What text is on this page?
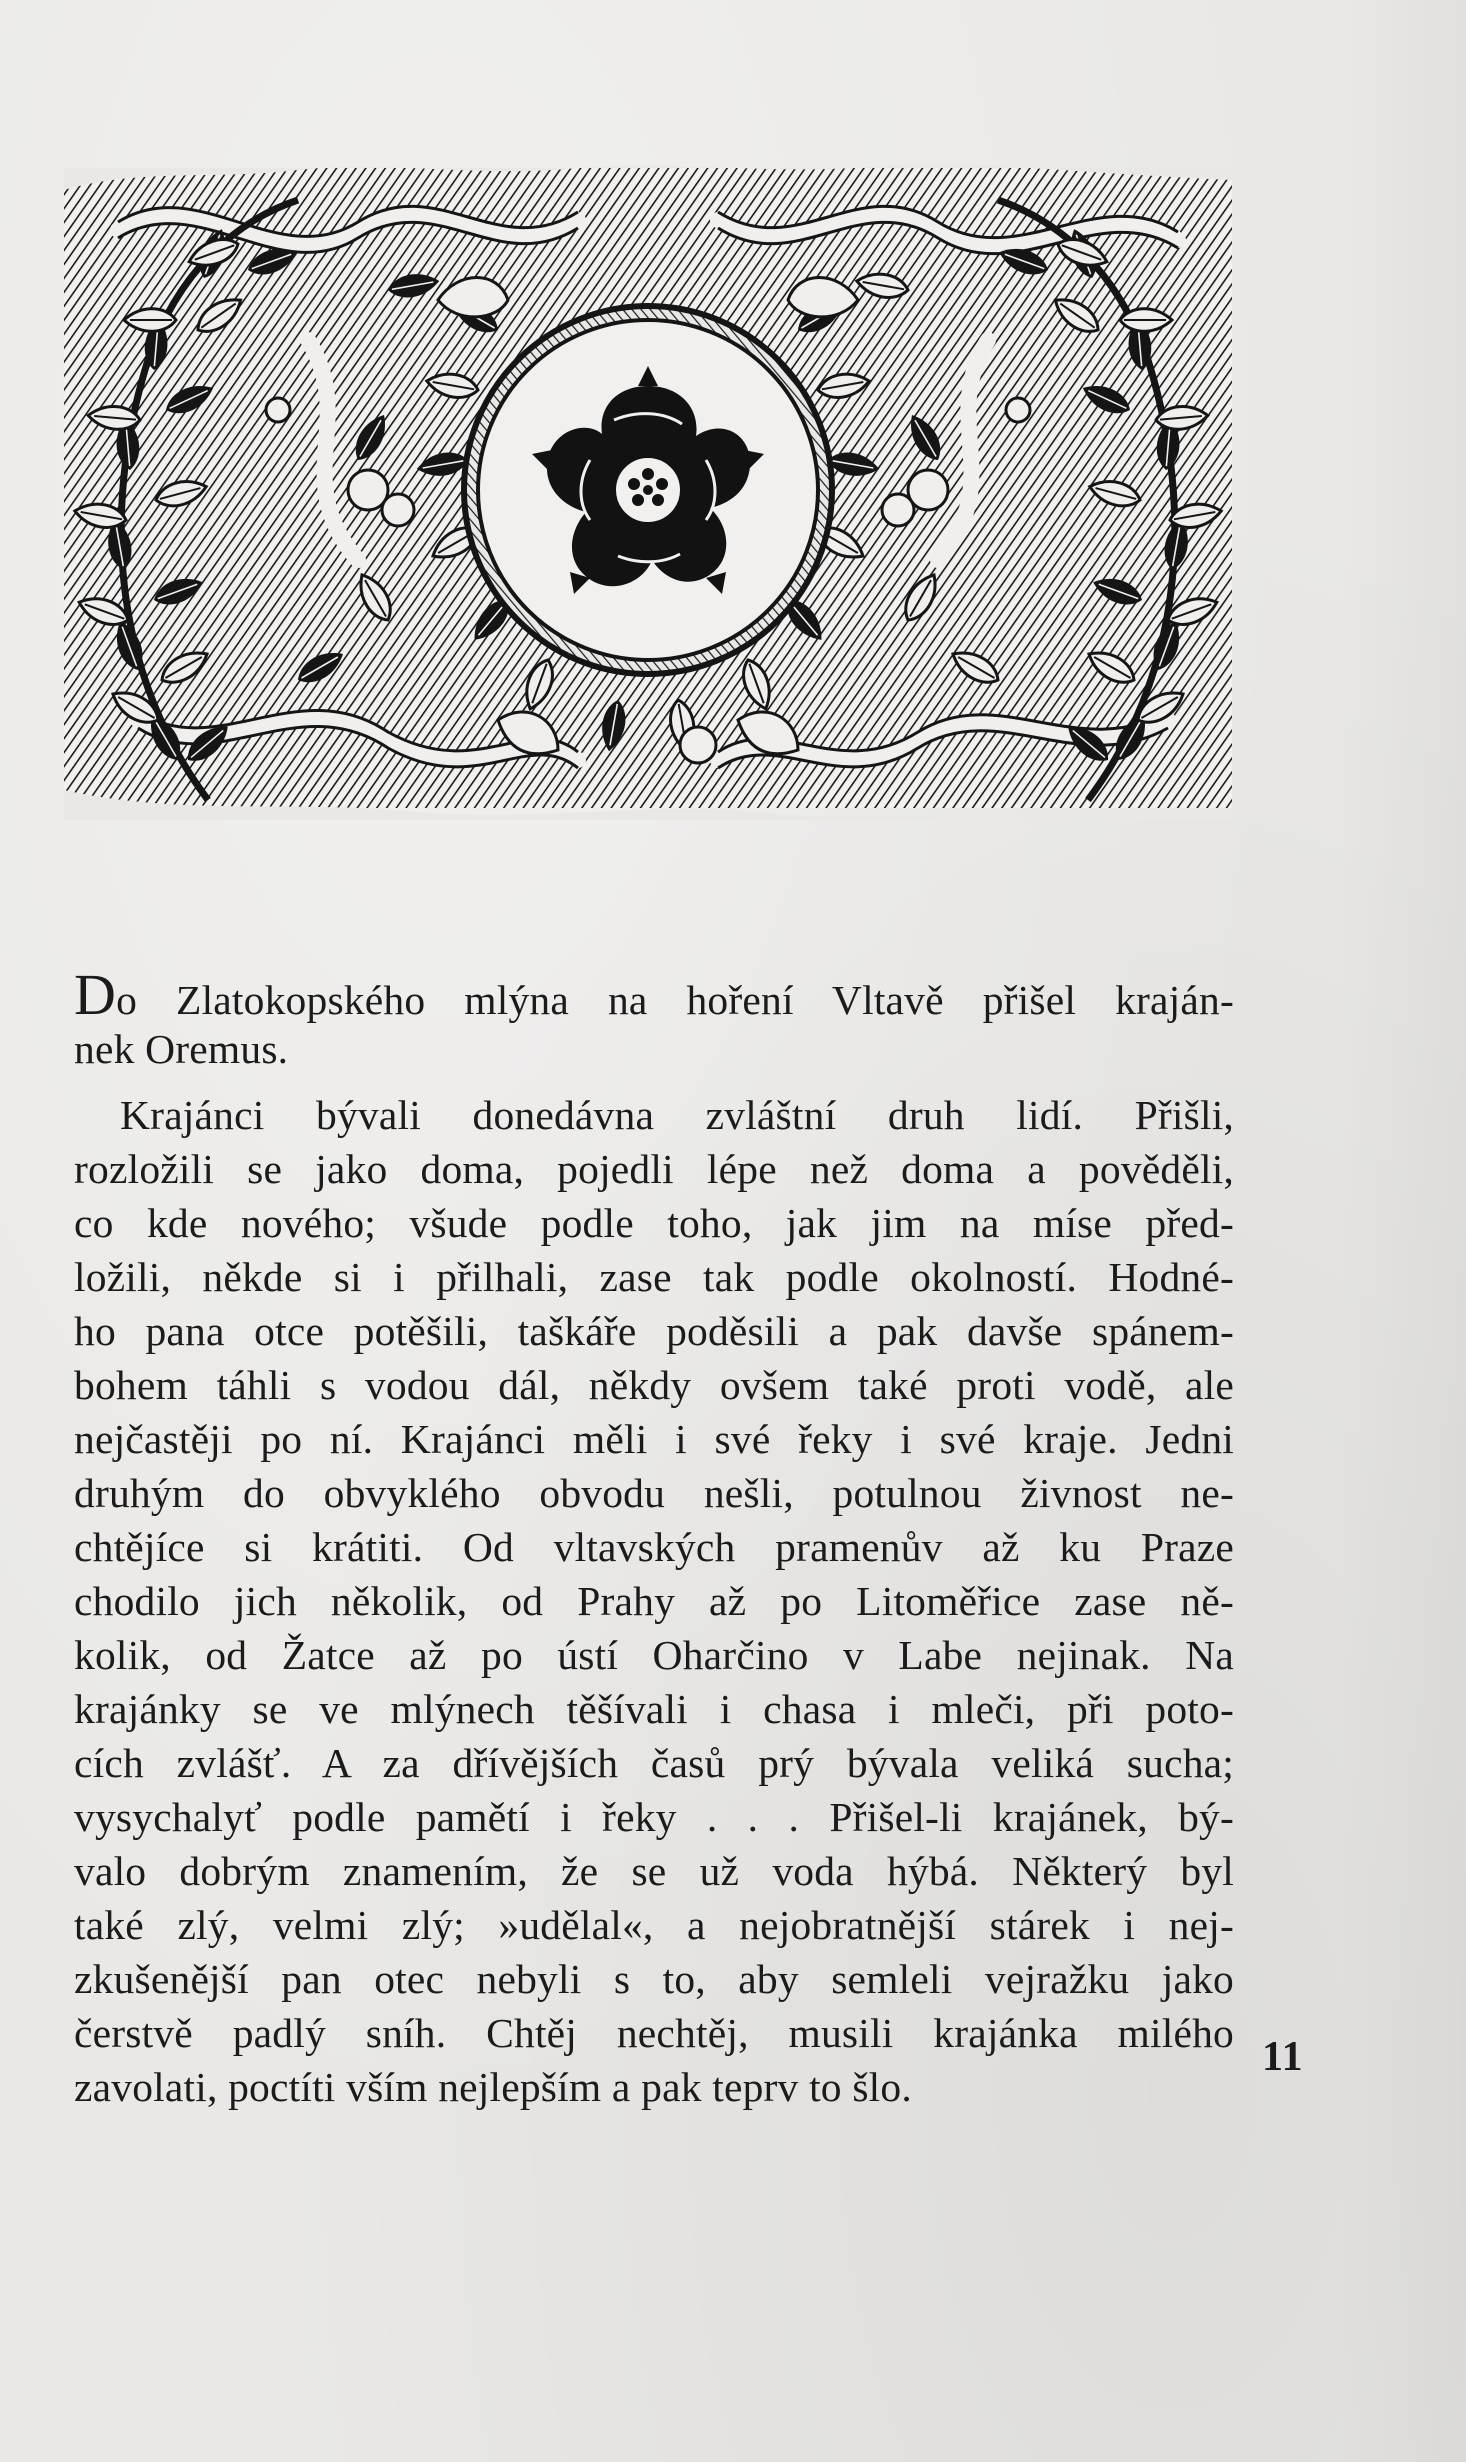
Do Zlatokopského mlýna na hoření Vltavě přišel kraján-
nek Oremus.
Krajánci bývali donedávna zvláštní druh lidí. Přišli,
rozložili se jako doma, pojedli lépe než doma a pověděli,
co kde nového; všude podle toho, jak jim na míse před-
ložili, někde si i přilhali, zase tak podle okolností. Hodné-
ho pana otce potěšili, taškáře poděsili a pak davše spánem-
bohem táhli s vodou dál, někdy ovšem také proti vodě, ale
nejčastěji po ní. Krajánci měli i své řeky i své kraje. Jedni
druhým do obvyklého obvodu nešli, potulnou živnost ne-
chtějíce si krátiti. Od vltavských pramenův až ku Praze
chodilo jich několik, od Prahy až po Litoměřice zase ně-
kolik, od Žatce až po ústí Oharčino v Labe nejinak. Na
krajánky se ve mlýnech těšívali i chasa i mleči, při poto-
cích zvlášť. A za dřívějších časů prý bývala veliká sucha;
vysychalyť podle pamětí i řeky . . . Přišel-li krajánek, bý-
valo dobrým znamením, že se už voda hýbá. Některý byl
také zlý, velmi zlý; »udělal«, a nejobratnější stárek i nej-
zkušenější pan otec nebyli s to, aby semleli vejražku jako
čerstvě padlý sníh. Chtěj nechtěj, musili krajánka milého
zavolati, poctíti vším nejlepším a pak teprv to šlo.
11
